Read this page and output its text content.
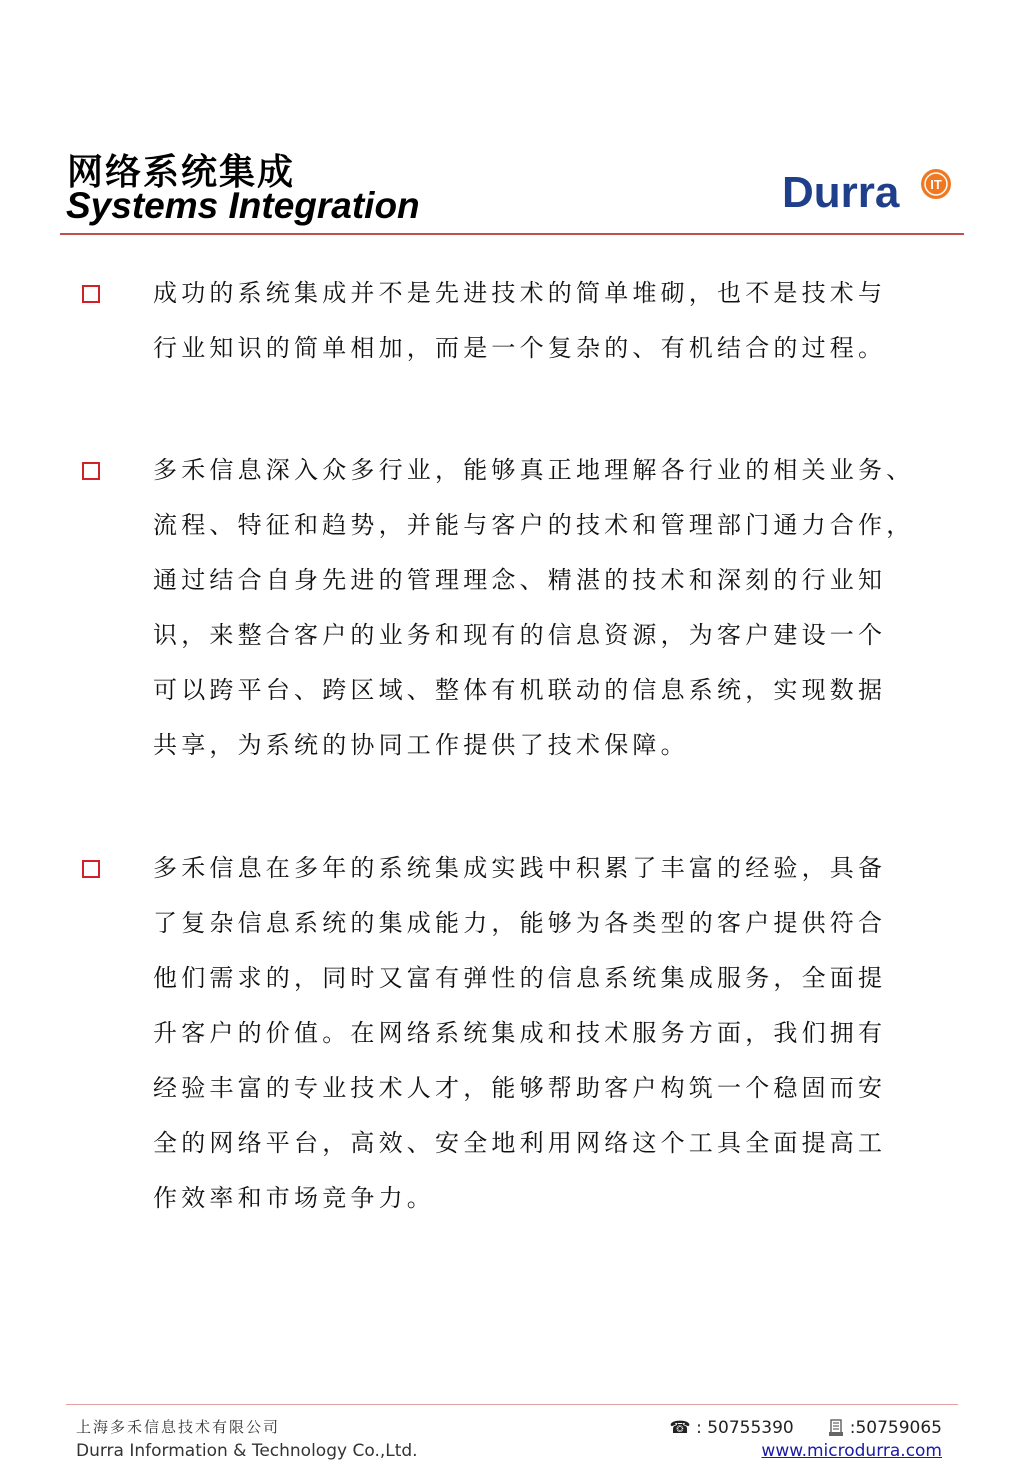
网络系统集成
Systems Integration	Durra IT
成功的系统集成并不是先进技术的简单堆砌，也不是技术与
行业知识的简单相加，而是一个复杂的、有机结合的过程。
多禾信息深入众多行业，能够真正地理解各行业的相关业务、
流程、特征和趋势，并能与客户的技术和管理部门通力合作，
通过结合自身先进的管理理念、精湛的技术和深刻的行业知
识，来整合客户的业务和现有的信息资源，为客户建设一个
可以跨平台、跨区域、整体有机联动的信息系统，实现数据
共享，为系统的协同工作提供了技术保障。
多禾信息在多年的系统集成实践中积累了丰富的经验，具备
了复杂信息系统的集成能力，能够为各类型的客户提供符合
他们需求的，同时又富有弹性的信息系统集成服务，全面提
升客户的价值。在网络系统集成和技术服务方面，我们拥有
经验丰富的专业技术人才，能够帮助客户构筑一个稳固而安
全的网络平台，高效、安全地利用网络这个工具全面提高工
作效率和市场竞争力。
上海多禾信息技术有限公司
Durra Information & Technology Co.,Ltd.
☎ : 50755390	:50759065
www.microdurra.com
